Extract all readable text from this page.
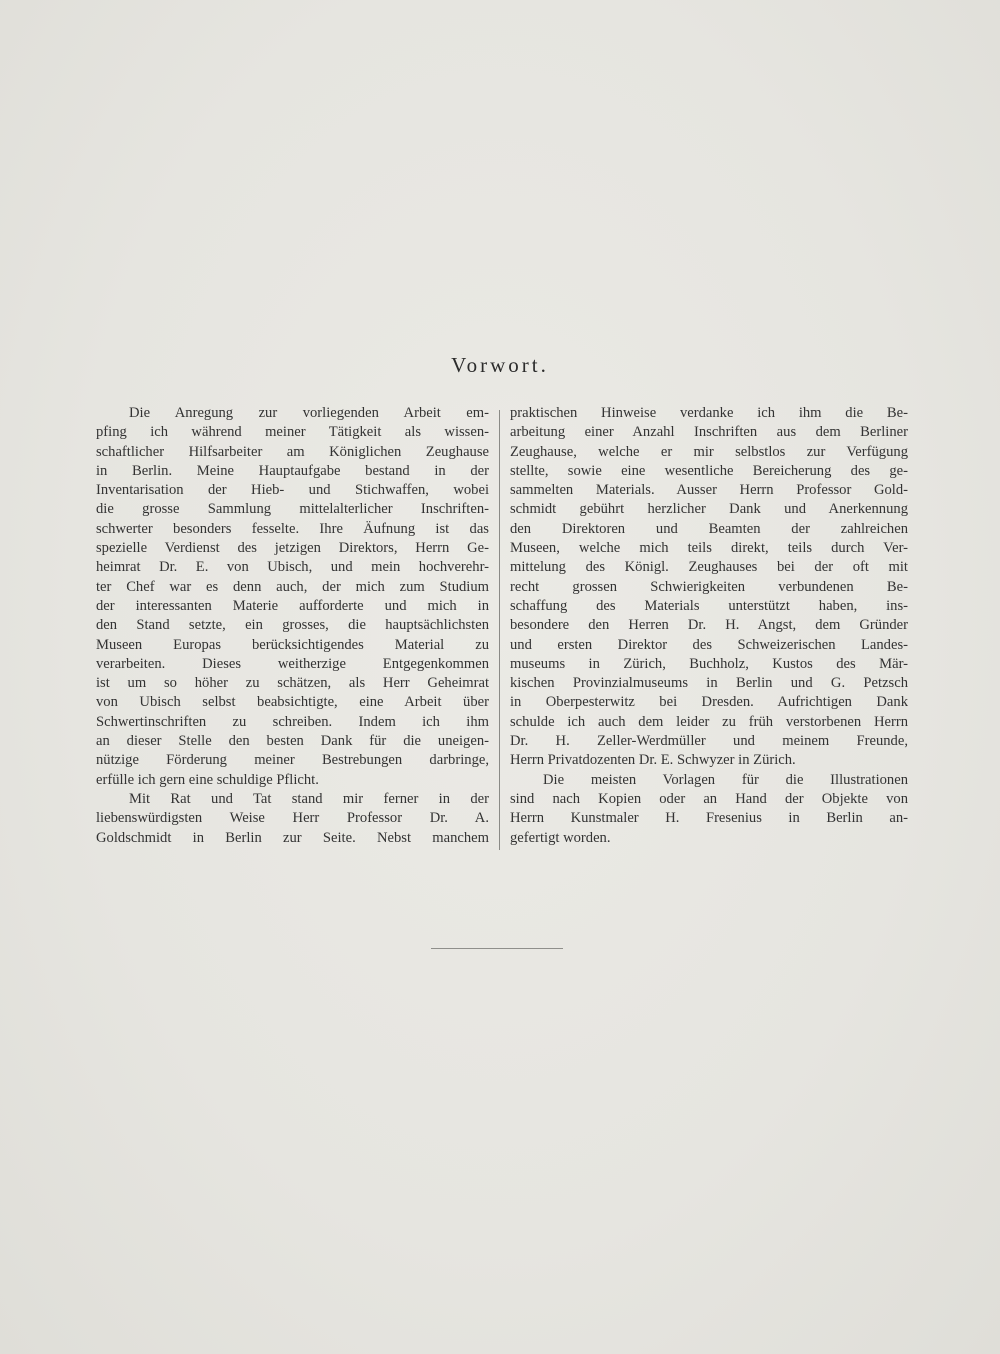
Vorwort.
Die Anregung zur vorliegenden Arbeit em-
pfing ich während meiner Tätigkeit als wissen-
schaftlicher Hilfsarbeiter am Königlichen Zeughause
in Berlin. Meine Hauptaufgabe bestand in der
Inventarisation der Hieb- und Stichwaffen, wobei
die grosse Sammlung mittelalterlicher Inschriften-
schwerter besonders fesselte. Ihre Äufnung ist das
spezielle Verdienst des jetzigen Direktors, Herrn Ge-
heimrat Dr. E. von Ubisch, und mein hochverehr-
ter Chef war es denn auch, der mich zum Studium
der interessanten Materie aufforderte und mich in
den Stand setzte, ein grosses, die hauptsächlichsten
Museen Europas berücksichtigendes Material zu
verarbeiten. Dieses weitherzige Entgegenkommen
ist um so höher zu schätzen, als Herr Geheimrat
von Ubisch selbst beabsichtigte, eine Arbeit über
Schwertinschriften zu schreiben. Indem ich ihm
an dieser Stelle den besten Dank für die uneigen-
nützige Förderung meiner Bestrebungen darbringe,
erfülle ich gern eine schuldige Pflicht.
Mit Rat und Tat stand mir ferner in der
liebenswürdigsten Weise Herr Professor Dr. A.
Goldschmidt in Berlin zur Seite. Nebst manchem
praktischen Hinweise verdanke ich ihm die Be-
arbeitung einer Anzahl Inschriften aus dem Berliner
Zeughause, welche er mir selbstlos zur Verfügung
stellte, sowie eine wesentliche Bereicherung des ge-
sammelten Materials. Ausser Herrn Professor Gold-
schmidt gebührt herzlicher Dank und Anerkennung
den Direktoren und Beamten der zahlreichen
Museen, welche mich teils direkt, teils durch Ver-
mittelung des Königl. Zeughauses bei der oft mit
recht grossen Schwierigkeiten verbundenen Be-
schaffung des Materials unterstützt haben, ins-
besondere den Herren Dr. H. Angst, dem Gründer
und ersten Direktor des Schweizerischen Landes-
museums in Zürich, Buchholz, Kustos des Mär-
kischen Provinzialmuseums in Berlin und G. Petzsch
in Oberpesterwitz bei Dresden. Aufrichtigen Dank
schulde ich auch dem leider zu früh verstorbenen Herrn
Dr. H. Zeller-Werdmüller und meinem Freunde,
Herrn Privatdozenten Dr. E. Schwyzer in Zürich.
Die meisten Vorlagen für die Illustrationen
sind nach Kopien oder an Hand der Objekte von
Herrn Kunstmaler H. Fresenius in Berlin an-
gefertigt worden.
